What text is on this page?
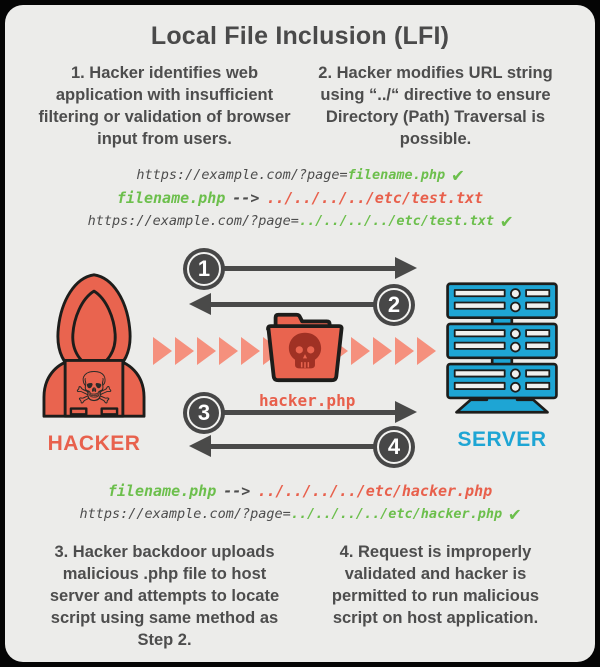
Local File Inclusion (LFI)
1. Hacker identifies web application with insufficient filtering or validation of browser input from users.
2. Hacker modifies URL string using “../“ directive to ensure Directory (Path) Traversal is possible.
https://example.com/?page=filename.php ✔
filename.php --> ../../../../etc/test.txt
https://example.com/?page=../../../../etc/test.txt ✔
☠
HACKER	SERVER
1
2
3
4
hacker.php
filename.php --> ../../../../etc/hacker.php
https://example.com/?page=../../../../etc/hacker.php ✔
3. Hacker backdoor uploads malicious .php file to host server and attempts to locate script using same method as Step 2.
4. Request is improperly validated and hacker is permitted to run malicious script on host application.
